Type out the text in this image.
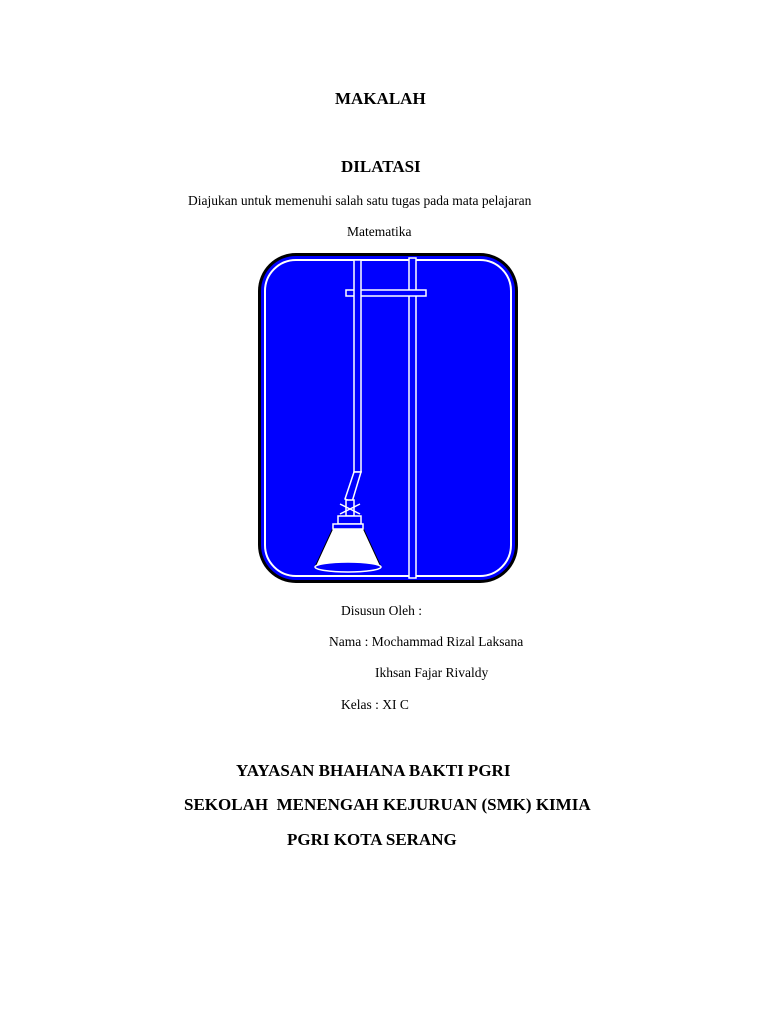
MAKALAH
DILATASI
Diajukan untuk memenuhi salah satu tugas pada mata pelajaran
Matematika
Disusun Oleh :
Nama : Mochammad Rizal Laksana
Ikhsan Fajar Rivaldy
Kelas : XI C
YAYASAN BHAHANA BAKTI PGRI
SEKOLAH  MENENGAH KEJURUAN (SMK) KIMIA
PGRI KOTA SERANG
